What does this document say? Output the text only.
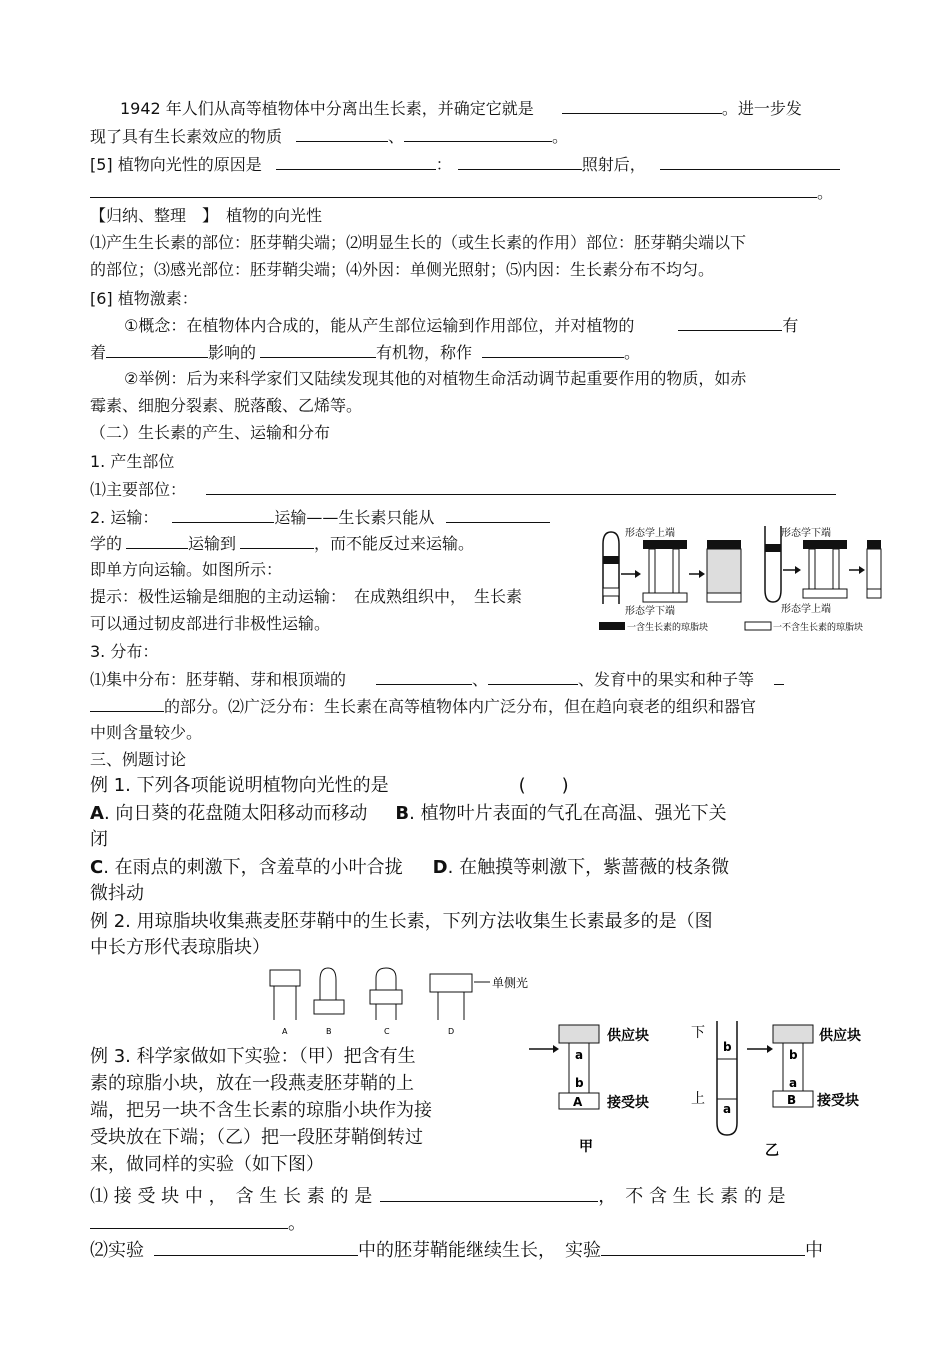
1942 年人们从高等植物体中分离出生长素，并确定它就是	。进一步发
现了具有生长素效应的物质	、	。
[5] 植物向光性的原因是	：	照射后，
。
【归纳、整理　】　植物的向光性
⑴产生生长素的部位：胚芽鞘尖端；⑵明显生长的（或生长素的作用）部位：胚芽鞘尖端以下
的部位；⑶感光部位：胚芽鞘尖端；⑷外因：单侧光照射；⑸内因：生长素分布不均匀。
[6] 植物激素：
①概念：在植物体内合成的，能从产生部位运输到作用部位，并对植物的	有
着	影响的	有机物，称作	。
②举例：后为来科学家们又陆续发现其他的对植物生命活动调节起重要作用的物质，如赤
霉素、细胞分裂素、脱落酸、乙烯等。
（二）生长素的产生、运输和分布
1. 产生部位
⑴主要部位：
2. 运输：	运输——生长素只能从
学的	运输到	，而不能反过来运输。
即单方向运输。如图所示：
提示：极性运输是细胞的主动运输：　在成熟组织中，　生长素
可以通过韧皮部进行非极性运输。
形态学上端
形态学下端
形态学下端
形态学上端
一含生长素的琼脂块	一不含生长素的琼脂块
3. 分布：
⑴集中分布：胚芽鞘、芽和根顶端的	、	、发育中的果实和种子等
的部分。⑵广泛分布：生长素在高等植物体内广泛分布，但在趋向衰老的组织和器官
中则含量较少。
三、例题讨论
例 1. 下列各项能说明植物向光性的是	(　　)
A. 向日葵的花盘随太阳移动而移动 B. 植物叶片表面的气孔在高温、强光下关
闭
C. 在雨点的刺激下，含羞草的小叶合拢 D. 在触摸等刺激下，紫蔷薇的枝条微
微抖动
例 2. 用琼脂块收集燕麦胚芽鞘中的生长素，下列方法收集生长素最多的是（图
中长方形代表琼脂块）
单侧光
A	B	C	D
例 3. 科学家做如下实验：（甲）把含有生
素的琼脂小块，放在一段燕麦胚芽鞘的上
端，把另一块不含生长素的琼脂小块作为接
受块放在下端；（乙）把一段胚芽鞘倒转过
来，做同样的实验（如下图）
供应块
a
b
A 接受块
甲
下
上
b
a
供应块
b
a
B 接受块
乙
⑴ 接 受 块 中 ，　含 生 长 素 的 是	，　不 含 生 长 素 的 是
。
⑵实验	中的胚芽鞘能继续生长，　实验	中
